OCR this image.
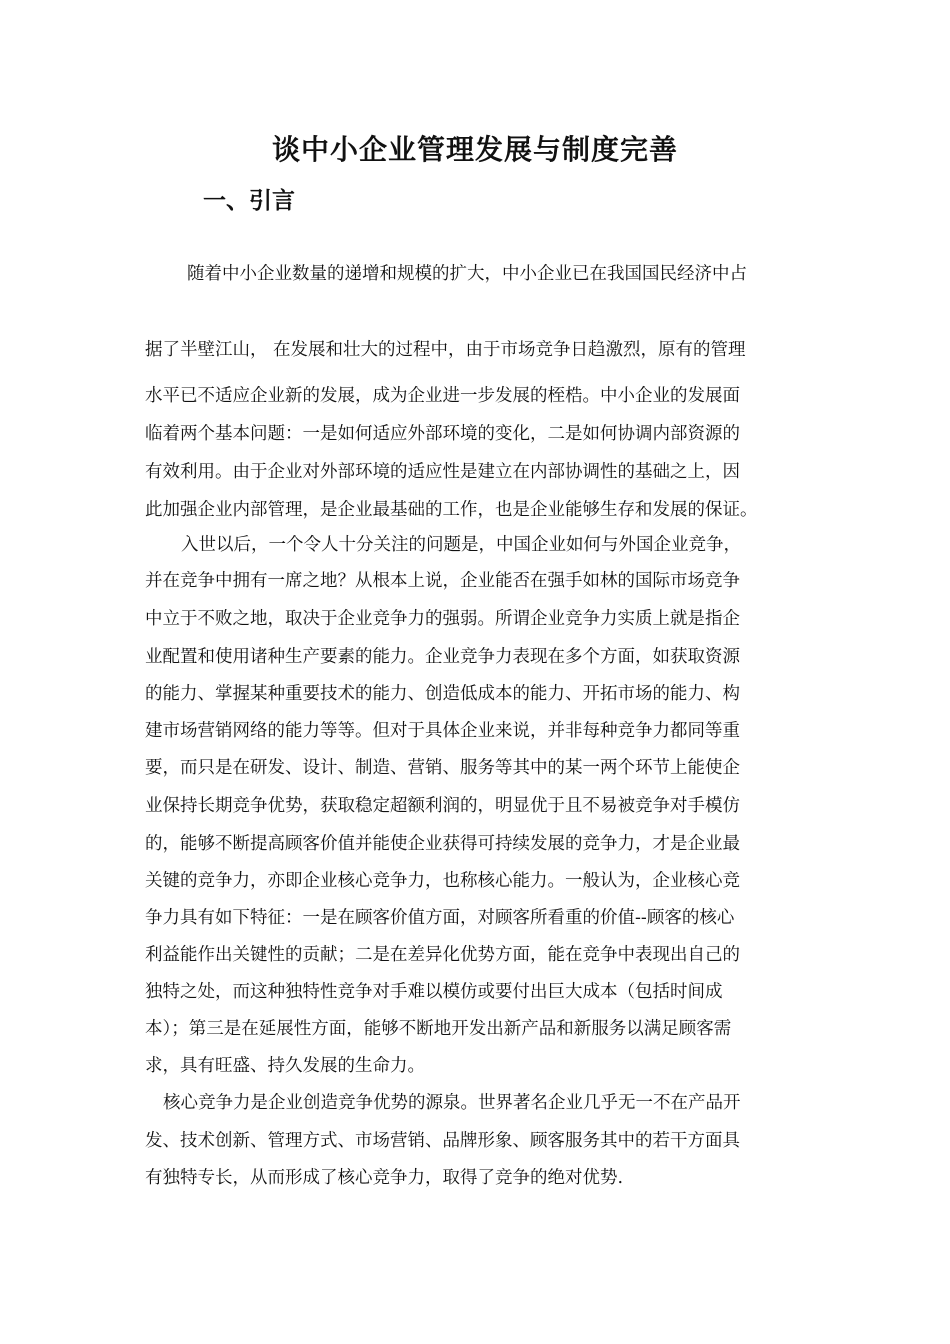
谈中小企业管理发展与制度完善
一、引言
随着中小企业数量的递增和规模的扩大，中小企业已在我国国民经济中占
据了半壁江山， 在发展和壮大的过程中，由于市场竞争日趋激烈，原有的管理
水平已不适应企业新的发展，成为企业进一步发展的桎梏。中小企业的发展面
临着两个基本问题：一是如何适应外部环境的变化，二是如何协调内部资源的
有效利用。由于企业对外部环境的适应性是建立在内部协调性的基础之上，因
此加强企业内部管理，是企业最基础的工作，也是企业能够生存和发展的保证。
入世以后，一个令人十分关注的问题是，中国企业如何与外国企业竞争，
并在竞争中拥有一席之地？从根本上说，企业能否在强手如林的国际市场竞争
中立于不败之地，取决于企业竞争力的强弱。所谓企业竞争力实质上就是指企
业配置和使用诸种生产要素的能力。企业竞争力表现在多个方面，如获取资源
的能力、掌握某种重要技术的能力、创造低成本的能力、开拓市场的能力、构
建市场营销网络的能力等等。但对于具体企业来说，并非每种竞争力都同等重
要，而只是在研发、设计、制造、营销、服务等其中的某一两个环节上能使企
业保持长期竞争优势，获取稳定超额利润的，明显优于且不易被竞争对手模仿
的，能够不断提高顾客价值并能使企业获得可持续发展的竞争力，才是企业最
关键的竞争力，亦即企业核心竞争力，也称核心能力。一般认为，企业核心竞
争力具有如下特征：一是在顾客价值方面，对顾客所看重的价值--顾客的核心
利益能作出关键性的贡献；二是在差异化优势方面，能在竞争中表现出自己的
独特之处，而这种独特性竞争对手难以模仿或要付出巨大成本（包括时间成
本）；第三是在延展性方面，能够不断地开发出新产品和新服务以满足顾客需
求，具有旺盛、持久发展的生命力。
核心竞争力是企业创造竞争优势的源泉。世界著名企业几乎无一不在产品开
发、技术创新、管理方式、市场营销、品牌形象、顾客服务其中的若干方面具
有独特专长，从而形成了核心竞争力，取得了竞争的绝对优势.
